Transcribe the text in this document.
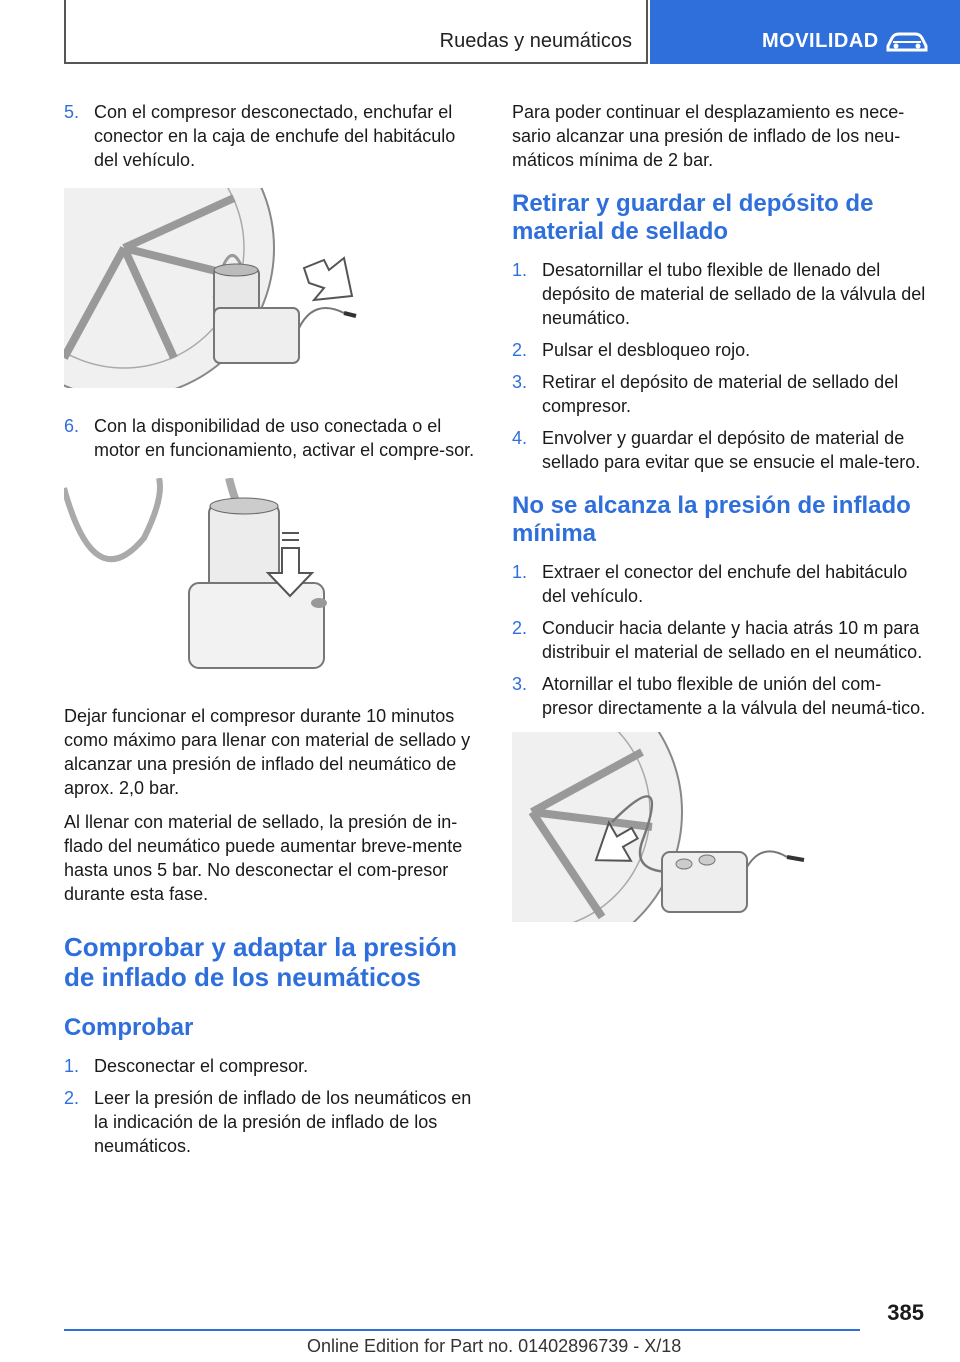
Ruedas y neumáticos	MOVILIDAD
5. Con el compresor desconectado, enchufar el conector en la caja de enchufe del habitáculo del vehículo.
6. Con la disponibilidad de uso conectada o el motor en funcionamiento, activar el compre-sor.

Dejar funcionar el compresor durante 10 minutos como máximo para llenar con material de sellado y alcanzar una presión de inflado del neumático de aprox. 2,0 bar.

Al llenar con material de sellado, la presión de in-flado del neumático puede aumentar breve-mente hasta unos 5 bar. No desconectar el com-presor durante esta fase.

Comprobar y adaptar la presión de inflado de los neumáticos
Comprobar
1. Desconectar el compresor.
2. Leer la presión de inflado de los neumáticos en la indicación de la presión de inflado de los neumáticos.

Para poder continuar el desplazamiento es nece-sario alcanzar una presión de inflado de los neu-máticos mínima de 2 bar.

Retirar y guardar el depósito de material de sellado
1. Desatornillar el tubo flexible de llenado del depósito de material de sellado de la válvula del neumático.
2. Pulsar el desbloqueo rojo.
3. Retirar el depósito de material de sellado del compresor.
4. Envolver y guardar el depósito de material de sellado para evitar que se ensucie el male-tero.
No se alcanza la presión de inflado mínima
1. Extraer el conector del enchufe del habitáculo del vehículo.
2. Conducir hacia delante y hacia atrás 10 m para distribuir el material de sellado en el neumático.
3. Atornillar el tubo flexible de unión del com-presor directamente a la válvula del neumá-tico.
385
Online Edition for Part no. 01402896739 - X/18
